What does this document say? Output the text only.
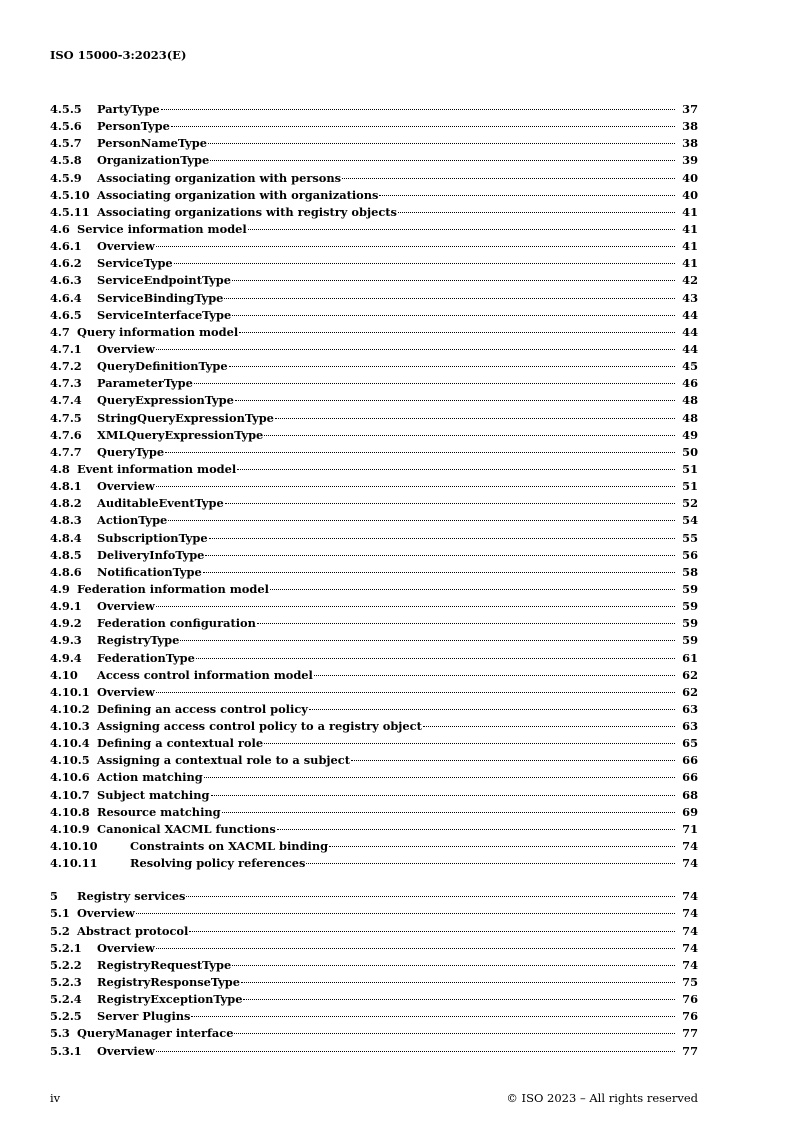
ISO 15000-3:2023(E)
4.5.5	PartyType	37
4.5.6	PersonType	38
4.5.7	PersonNameType	38
4.5.8	OrganizationType	39
4.5.9	Associating organization with persons	40
4.5.10 Associating organization with organizations	40
4.5.11 Associating organizations with registry objects	41
4.6 Service information model	41
4.6.1	Overview	41
4.6.2	ServiceType	41
4.6.3	ServiceEndpointType	42
4.6.4	ServiceBindingType	43
4.6.5	ServiceInterfaceType	44
4.7 Query information model	44
4.7.1	Overview	44
4.7.2	QueryDefinitionType	45
4.7.3	ParameterType	46
4.7.4	QueryExpressionType	48
4.7.5	StringQueryExpressionType	48
4.7.6	XMLQueryExpressionType	49
4.7.7	QueryType	50
4.8 Event information model	51
4.8.1	Overview	51
4.8.2	AuditableEventType	52
4.8.3	ActionType	54
4.8.4	SubscriptionType	55
4.8.5	DeliveryInfoType	56
4.8.6	NotificationType	58
4.9 Federation information model	59
4.9.1	Overview	59
4.9.2	Federation configuration	59
4.9.3	RegistryType	59
4.9.4	FederationType	61
4.10	Access control information model	62
4.10.1 Overview	62
4.10.2 Defining an access control policy	63
4.10.3 Assigning access control policy to a registry object	63
4.10.4 Defining a contextual role	65
4.10.5 Assigning a contextual role to a subject	66
4.10.6 Action matching	66
4.10.7 Subject matching	68
4.10.8 Resource matching	69
4.10.9 Canonical XACML functions	71
4.10.10	Constraints on XACML binding	74
4.10.11	Resolving policy references	74
5	Registry services	74
5.1 Overview	74
5.2 Abstract protocol	74
5.2.1	Overview	74
5.2.2	RegistryRequestType	74
5.2.3	RegistryResponseType	75
5.2.4	RegistryExceptionType	76
5.2.5	Server Plugins	76
5.3 QueryManager interface	77
5.3.1	Overview	77
iv	© ISO 2023 – All rights reserved
